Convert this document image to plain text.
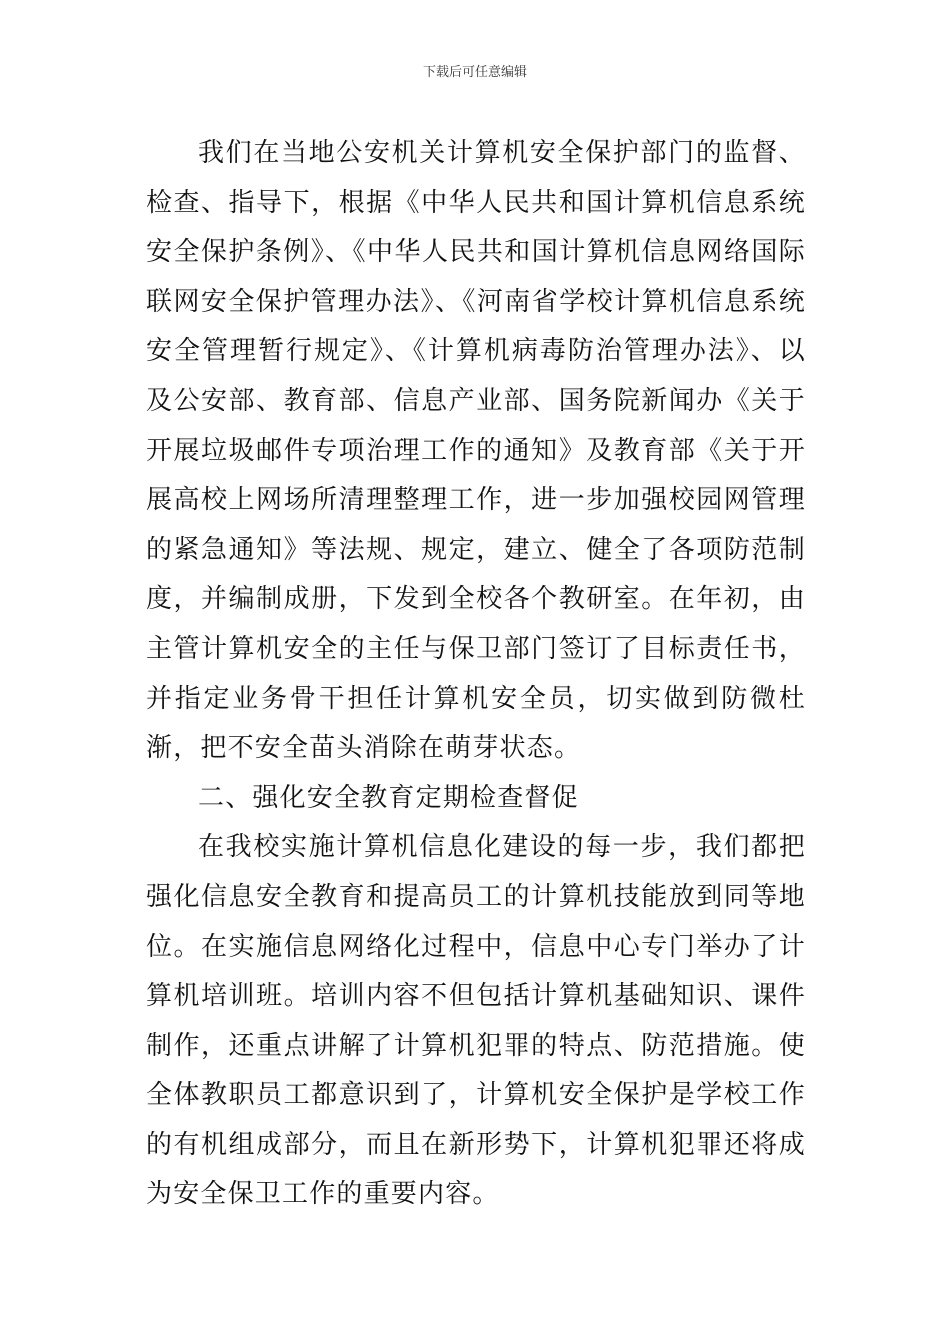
下载后可任意编辑

我们在当地公安机关计算机安全保护部门的监督、检查、指导下，根据《中华人民共和国计算机信息系统安全保护条例》、《中华人民共和国计算机信息网络国际联网安全保护管理办法》、《河南省学校计算机信息系统安全管理暂行规定》、《计算机病毒防治管理办法》、以及公安部、教育部、信息产业部、国务院新闻办《关于开展垃圾邮件专项治理工作的通知》及教育部《关于开展高校上网场所清理整理工作，进一步加强校园网管理的紧急通知》等法规、规定，建立、健全了各项防范制度，并编制成册，下发到全校各个教研室。在年初，由主管计算机安全的主任与保卫部门签订了目标责任书，并指定业务骨干担任计算机安全员，切实做到防微杜渐，把不安全苗头消除在萌芽状态。

二、强化安全教育定期检查督促

在我校实施计算机信息化建设的每一步，我们都把强化信息安全教育和提高员工的计算机技能放到同等地位。在实施信息网络化过程中，信息中心专门举办了计算机培训班。培训内容不但包括计算机基础知识、课件制作，还重点讲解了计算机犯罪的特点、防范措施。使全体教职员工都意识到了，计算机安全保护是学校工作的有机组成部分，而且在新形势下，计算机犯罪还将成为安全保卫工作的重要内容。
